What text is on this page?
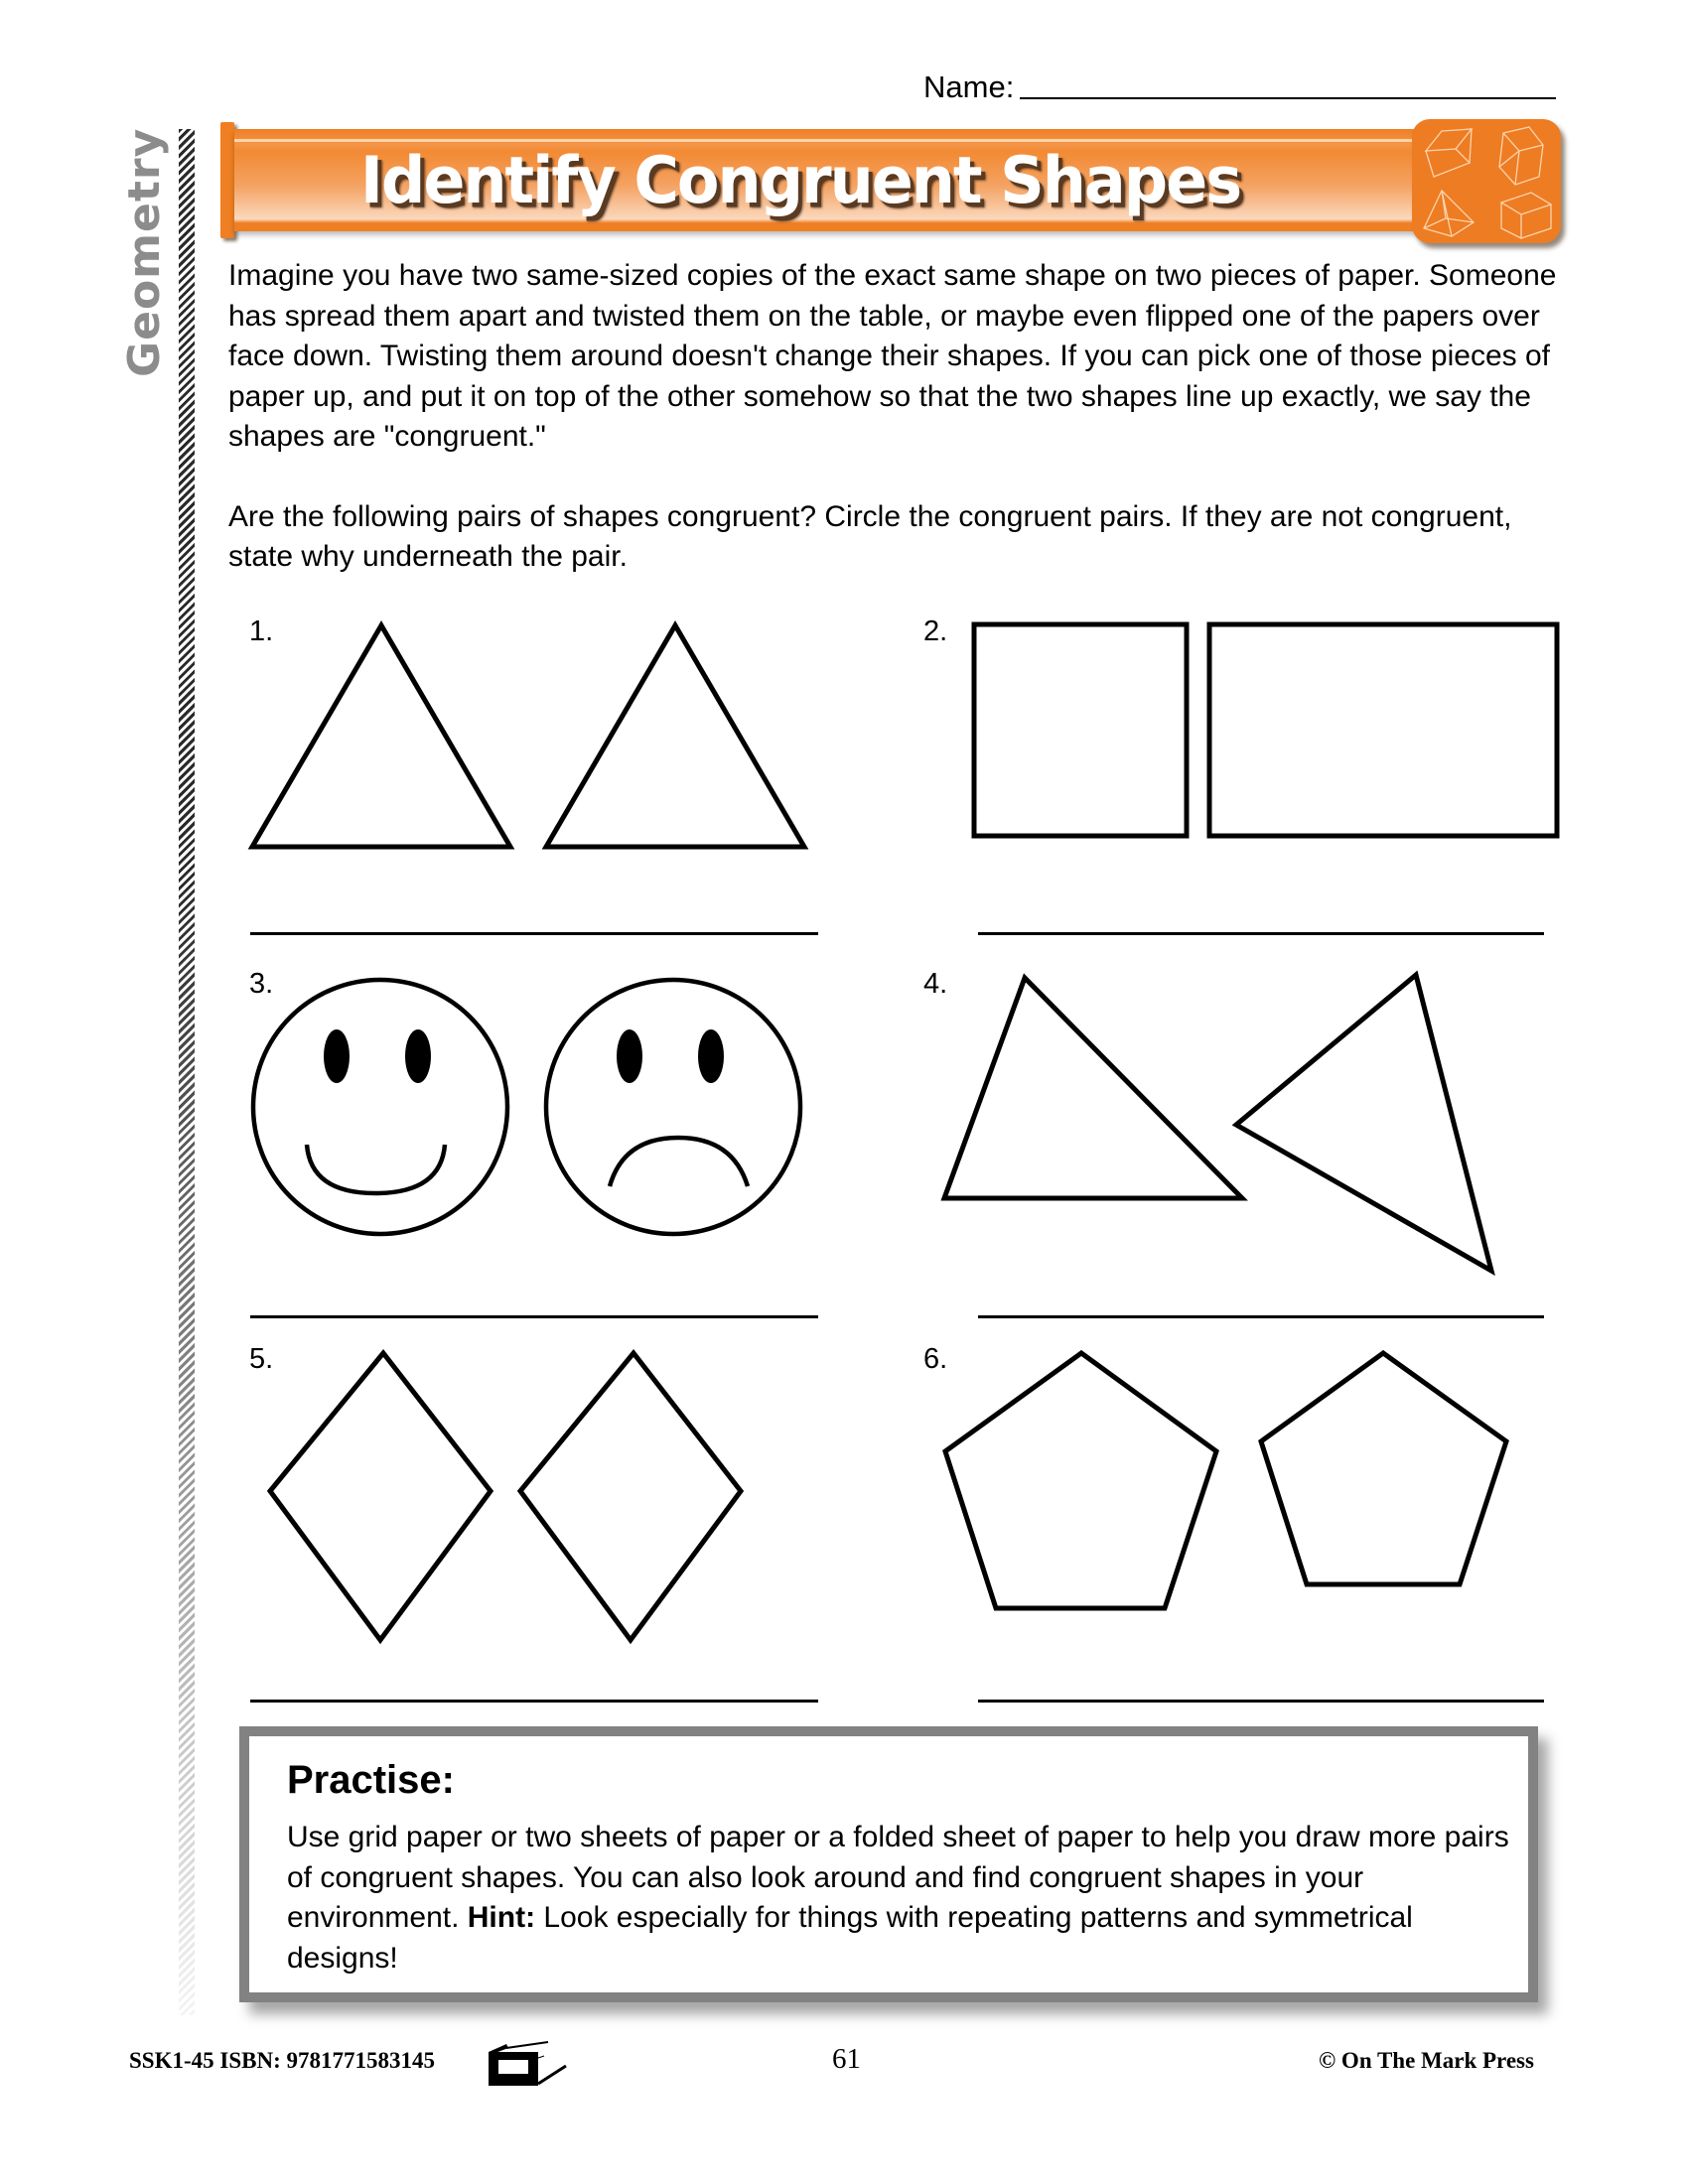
Geometry
Name:
Identify Congruent Shapes

Imagine you have two same-sized copies of the exact same shape on two pieces of paper. Someone has spread them apart and twisted them on the table, or maybe even flipped one of the papers over face down. Twisting them around doesn't change their shapes. If you can pick one of those pieces of paper up, and put it on top of the other somehow so that the two shapes line up exactly, we say the shapes are "congruent."

Are the following pairs of shapes congruent? Circle the congruent pairs. If they are not congruent, state why underneath the pair.

1.	2.
3.	4.
5.	6.
Practise:
Use grid paper or two sheets of paper or a folded sheet of paper to help you draw more pairs of congruent shapes. You can also look around and find congruent shapes in your environment. Hint: Look especially for things with repeating patterns and symmetrical designs!
SSK1-45 ISBN: 9781771583145	61	© On The Mark Press
